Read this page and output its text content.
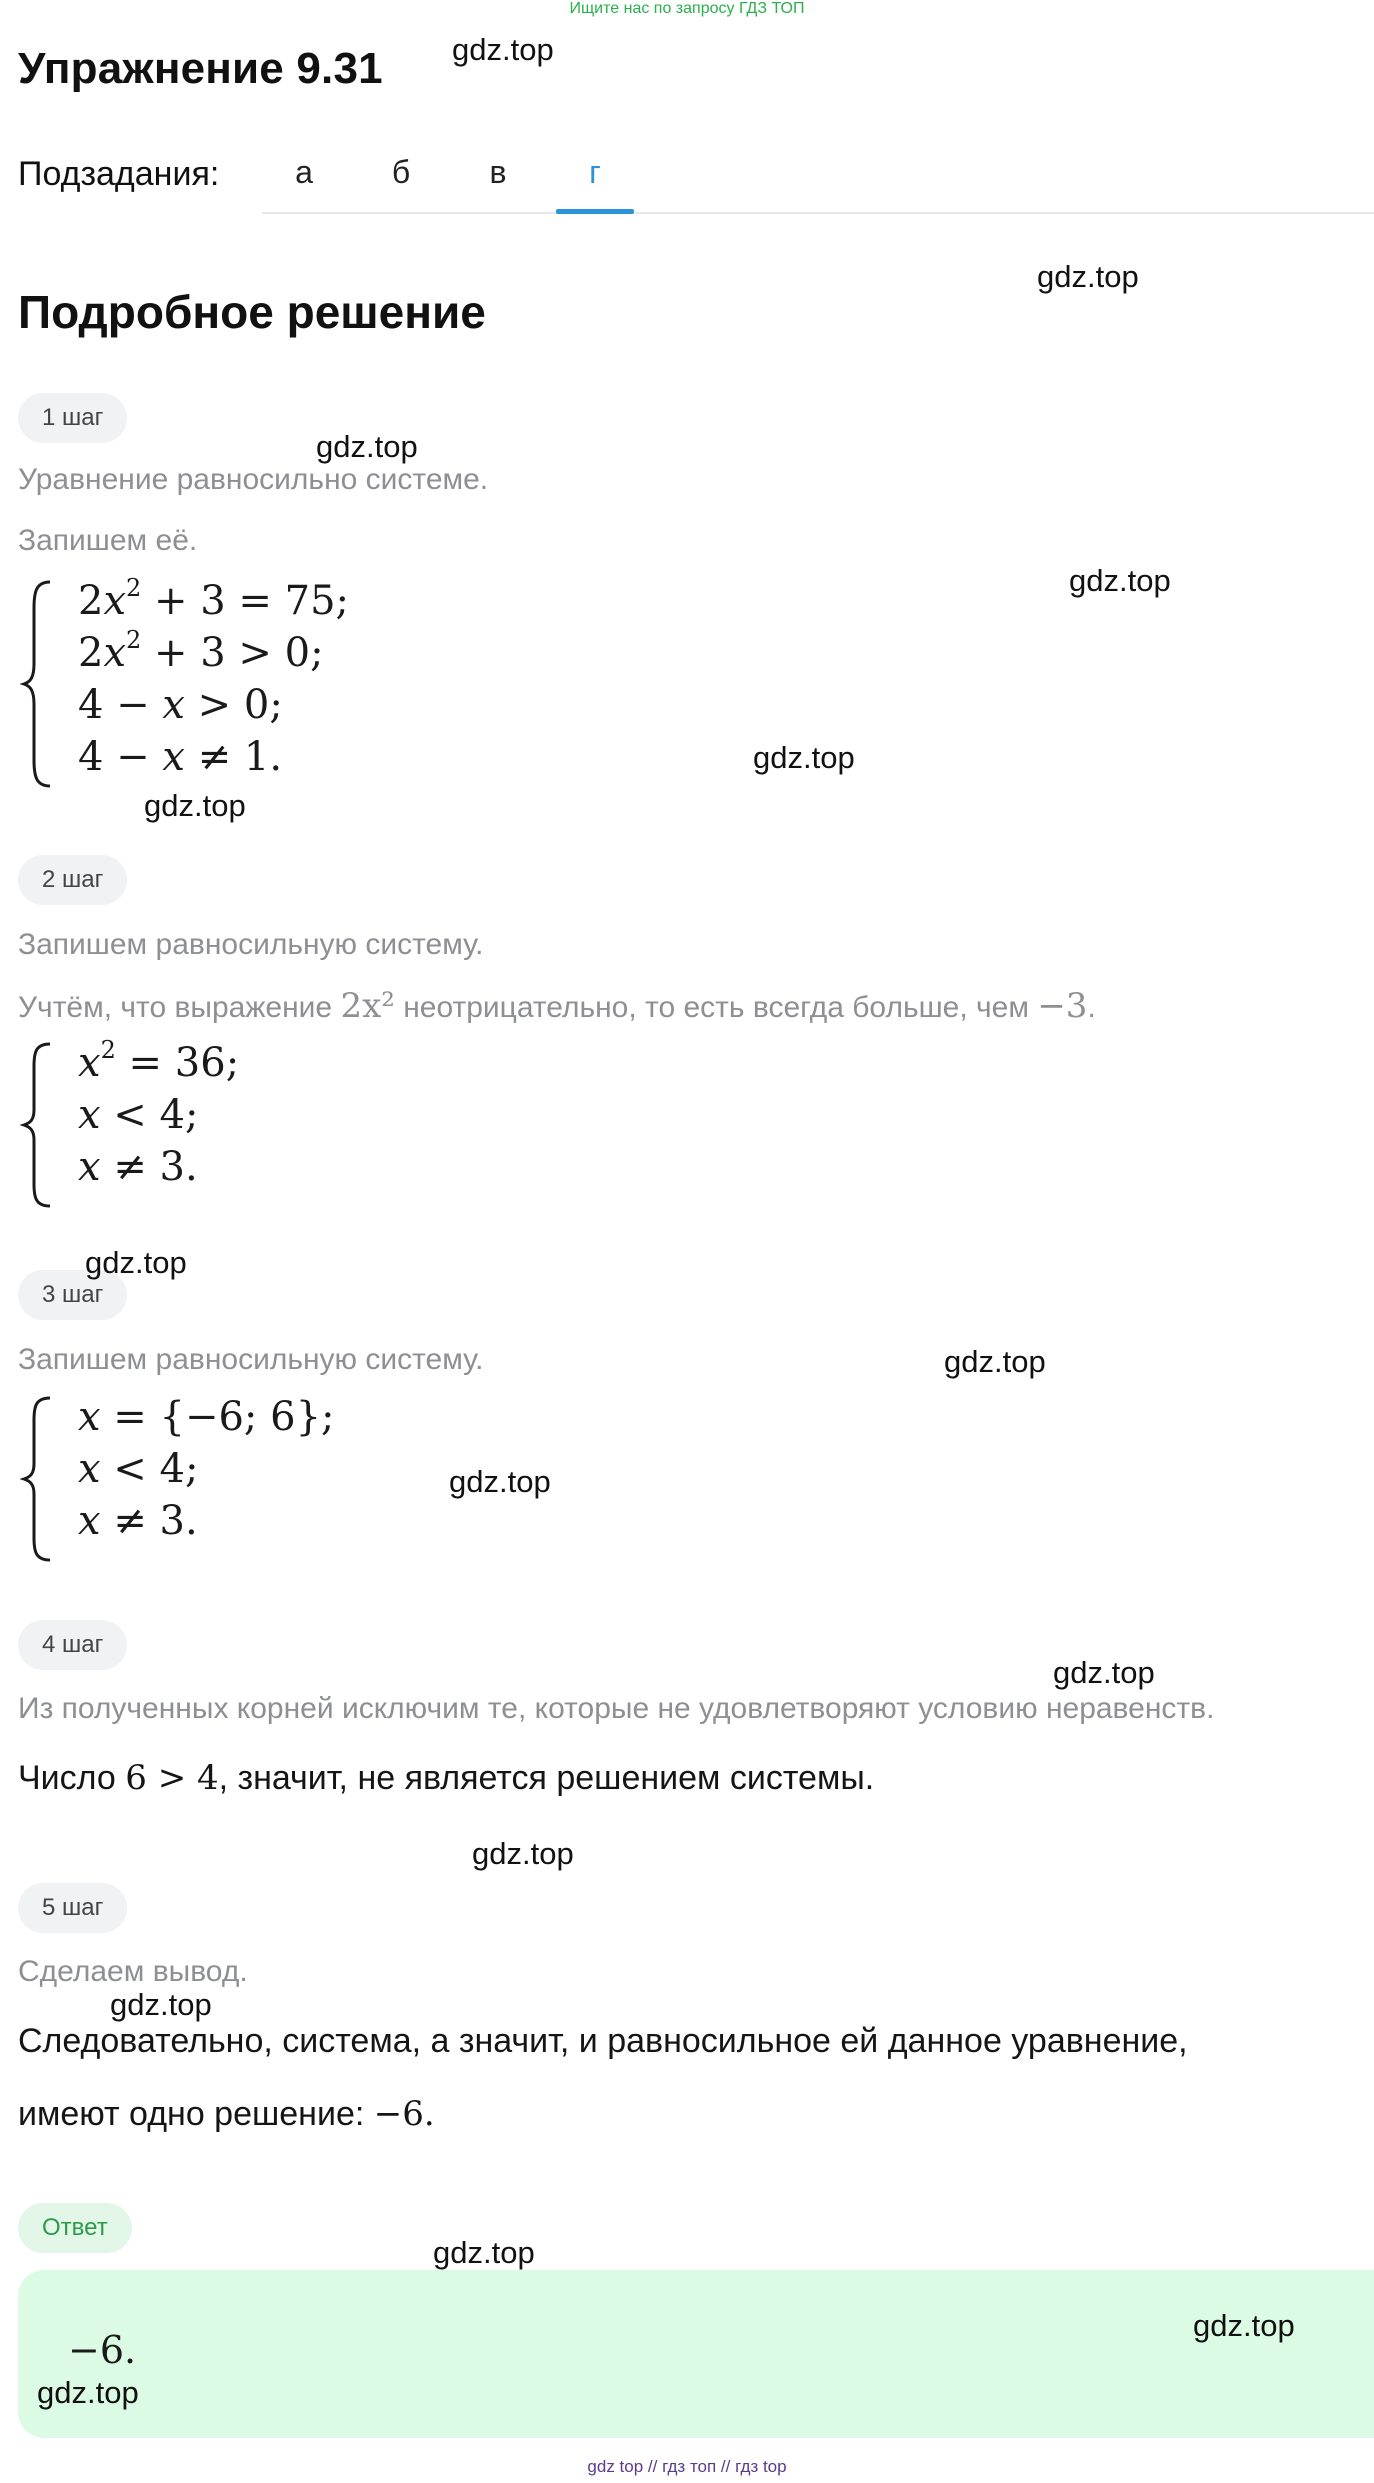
Ищите нас по запросу ГДЗ ТОП
Упражнение 9.31
Подзадания:	а	б	в	г
Подробное решение
1 шаг
Уравнение равносильно системе.
Запишем её.
$2x^2 + 3 = 75$;
$2x^2 + 3 > 0$;
4 − x > 0;
4 − x ≠ 1.
2 шаг
Запишем равносильную систему.
Учтём, что выражение 2x² неотрицательно, то есть всегда больше, чем −3.
$x^2 = 36$;
x < 4;
x ≠ 3.
3 шаг
Запишем равносильную систему.
x = {−6; 6};
x < 4;
x ≠ 3.
4 шаг
Из полученных корней исключим те, которые не удовлетворяют условию неравенств.
Число 6 > 4, значит, не является решением системы.
5 шаг
Сделаем вывод.
Следовательно, система, а значит, и равносильное ей данное уравнение,
имеют одно решение: −6.
Ответ
−6.
gdz.top
gdz.top
gdz.top
gdz.top
gdz.top
gdz.top
gdz.top
gdz.top
gdz.top
gdz.top
gdz.top
gdz.top
gdz.top
gdz.top
gdz.top
gdz top // гдз топ // гдз top
